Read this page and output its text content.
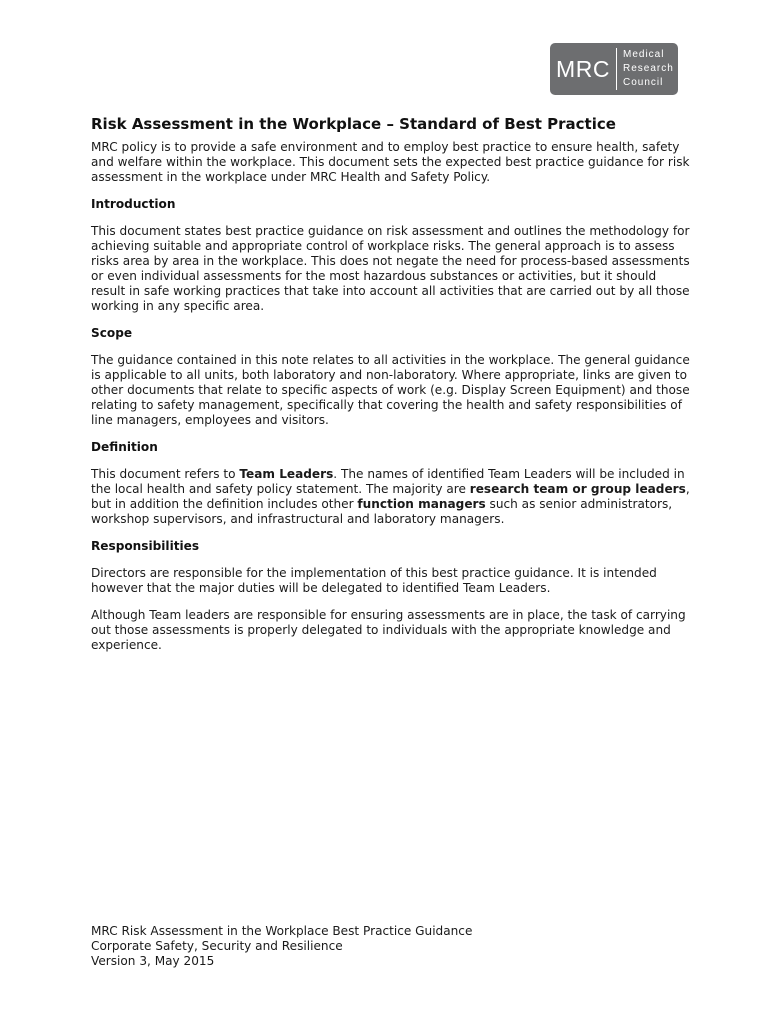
MRC
Medical
Research
Council
Risk Assessment in the Workplace – Standard of Best Practice

MRC policy is to provide a safe environment and to employ best practice to ensure health, safety and welfare within the workplace. This document sets the expected best practice guidance for risk assessment in the workplace under MRC Health and Safety Policy.

Introduction

This document states best practice guidance on risk assessment and outlines the methodology for achieving suitable and appropriate control of workplace risks. The general approach is to assess risks area by area in the workplace. This does not negate the need for process-based assessments or even individual assessments for the most hazardous substances or activities, but it should result in safe working practices that take into account all activities that are carried out by all those working in any specific area.

Scope

The guidance contained in this note relates to all activities in the workplace. The general guidance is applicable to all units, both laboratory and non-laboratory. Where appropriate, links are given to other documents that relate to specific aspects of work (e.g. Display Screen Equipment) and those relating to safety management, specifically that covering the health and safety responsibilities of line managers, employees and visitors.

Definition

This document refers to Team Leaders. The names of identified Team Leaders will be included in the local health and safety policy statement. The majority are research team or group leaders, but in addition the definition includes other function managers such as senior administrators, workshop supervisors, and infrastructural and laboratory managers.

Responsibilities

Directors are responsible for the implementation of this best practice guidance. It is intended however that the major duties will be delegated to identified Team Leaders.

Although Team leaders are responsible for ensuring assessments are in place, the task of carrying out those assessments is properly delegated to individuals with the appropriate knowledge and experience.

MRC Risk Assessment in the Workplace Best Practice Guidance
Corporate Safety, Security and Resilience
Version 3, May 2015
